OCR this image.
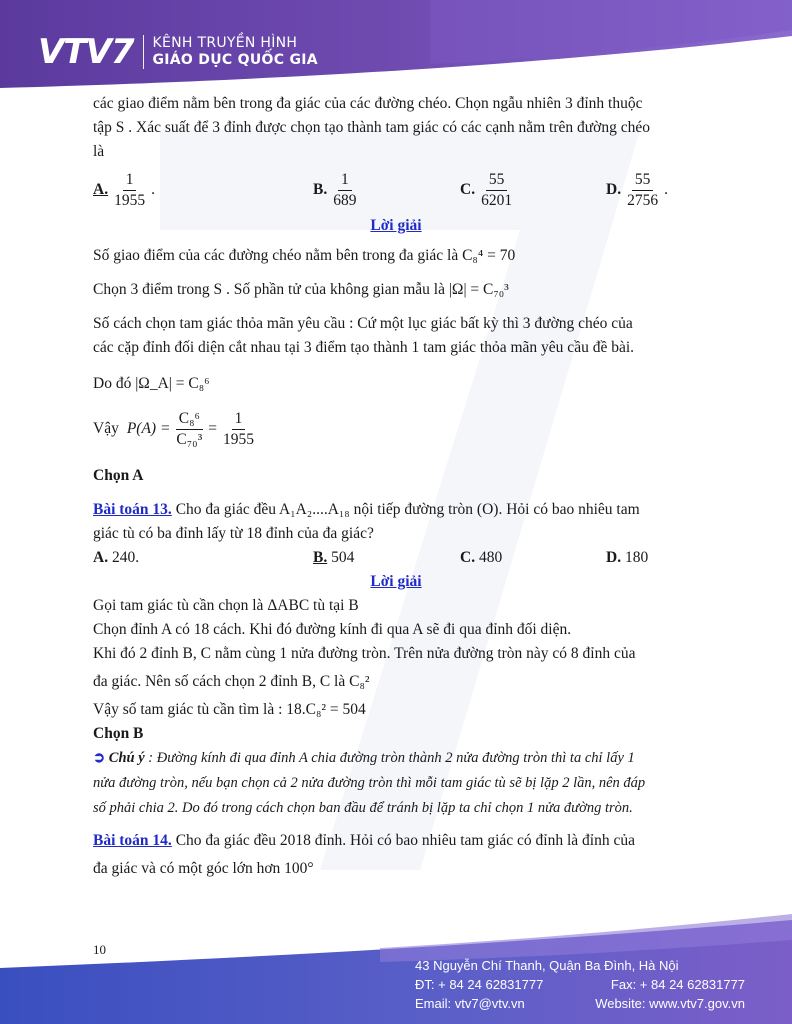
VTV7 KÊNH TRUYỀN HÌNH
GIÁO DỤC QUỐC GIA

các giao điểm nằm bên trong đa giác của các đường chéo. Chọn ngẫu nhiên 3 đỉnh thuộc

tập S . Xác suất để 3 đỉnh được chọn tạo thành tam giác có các cạnh nằm trên đường chéo

là

A. $\frac{1}{1955}$ .	B. $\frac{1}{689}$	C. $\frac{55}{6201}$	D. $\frac{55}{2756}$ .
Lời giải

Số giao điểm của các đường chéo nằm bên trong đa giác là C₈⁴ = 70

Chọn 3 điểm trong S . Số phần tử của không gian mẫu là |Ω| = C₇₀³

Số cách chọn tam giác thỏa mãn yêu cầu : Cứ một lục giác bất kỳ thì 3 đường chéo của

các cặp đỉnh đối diện cắt nhau tại 3 điểm tạo thành 1 tam giác thỏa mãn yêu cầu đề bài.

Do đó |Ω_A| = C₈⁶

Vậy $P(A) = \frac{\text{C₈⁶}}{\text{C₇₀³}} = \frac{1}{1955}$

Chọn A

Bài toán 13. Cho đa giác đều A₁A₂....A₁₈ nội tiếp đường tròn (O). Hỏi có bao nhiêu tam

giác tù có ba đỉnh lấy từ 18 đỉnh của đa giác?

A. 240.	B. 504	C. 480	D. 180
Lời giải

Gọi tam giác tù cần chọn là ΔABC tù tại B

Chọn đỉnh A có 18 cách. Khi đó đường kính đi qua A sẽ đi qua đỉnh đối diện.

Khi đó 2 đỉnh B, C nằm cùng 1 nửa đường tròn. Trên nửa đường tròn này có 8 đỉnh của

đa giác. Nên số cách chọn 2 đỉnh B, C là C₈²

Vậy số tam giác tù cần tìm là : 18.C₈² = 504

Chọn B

➲ Chú ý : Đường kính đi qua đỉnh A chia đường tròn thành 2 nửa đường tròn thì ta chỉ lấy 1

nửa đường tròn, nếu bạn chọn cả 2 nửa đường tròn thì mỗi tam giác tù sẽ bị lặp 2 lần, nên đáp

số phải chia 2. Do đó trong cách chọn ban đầu để tránh bị lặp ta chỉ chọn 1 nửa đường tròn.

Bài toán 14. Cho đa giác đều 2018 đỉnh. Hỏi có bao nhiêu tam giác có đỉnh là đỉnh của

đa giác và có một góc lớn hơn 100°

10
43 Nguyễn Chí Thanh, Quận Ba Đình, Hà Nội
ĐT: + 84 24 62831777	Fax: + 84 24 62831777
Email: vtv7@vtv.vn	Website: www.vtv7.gov.vn
